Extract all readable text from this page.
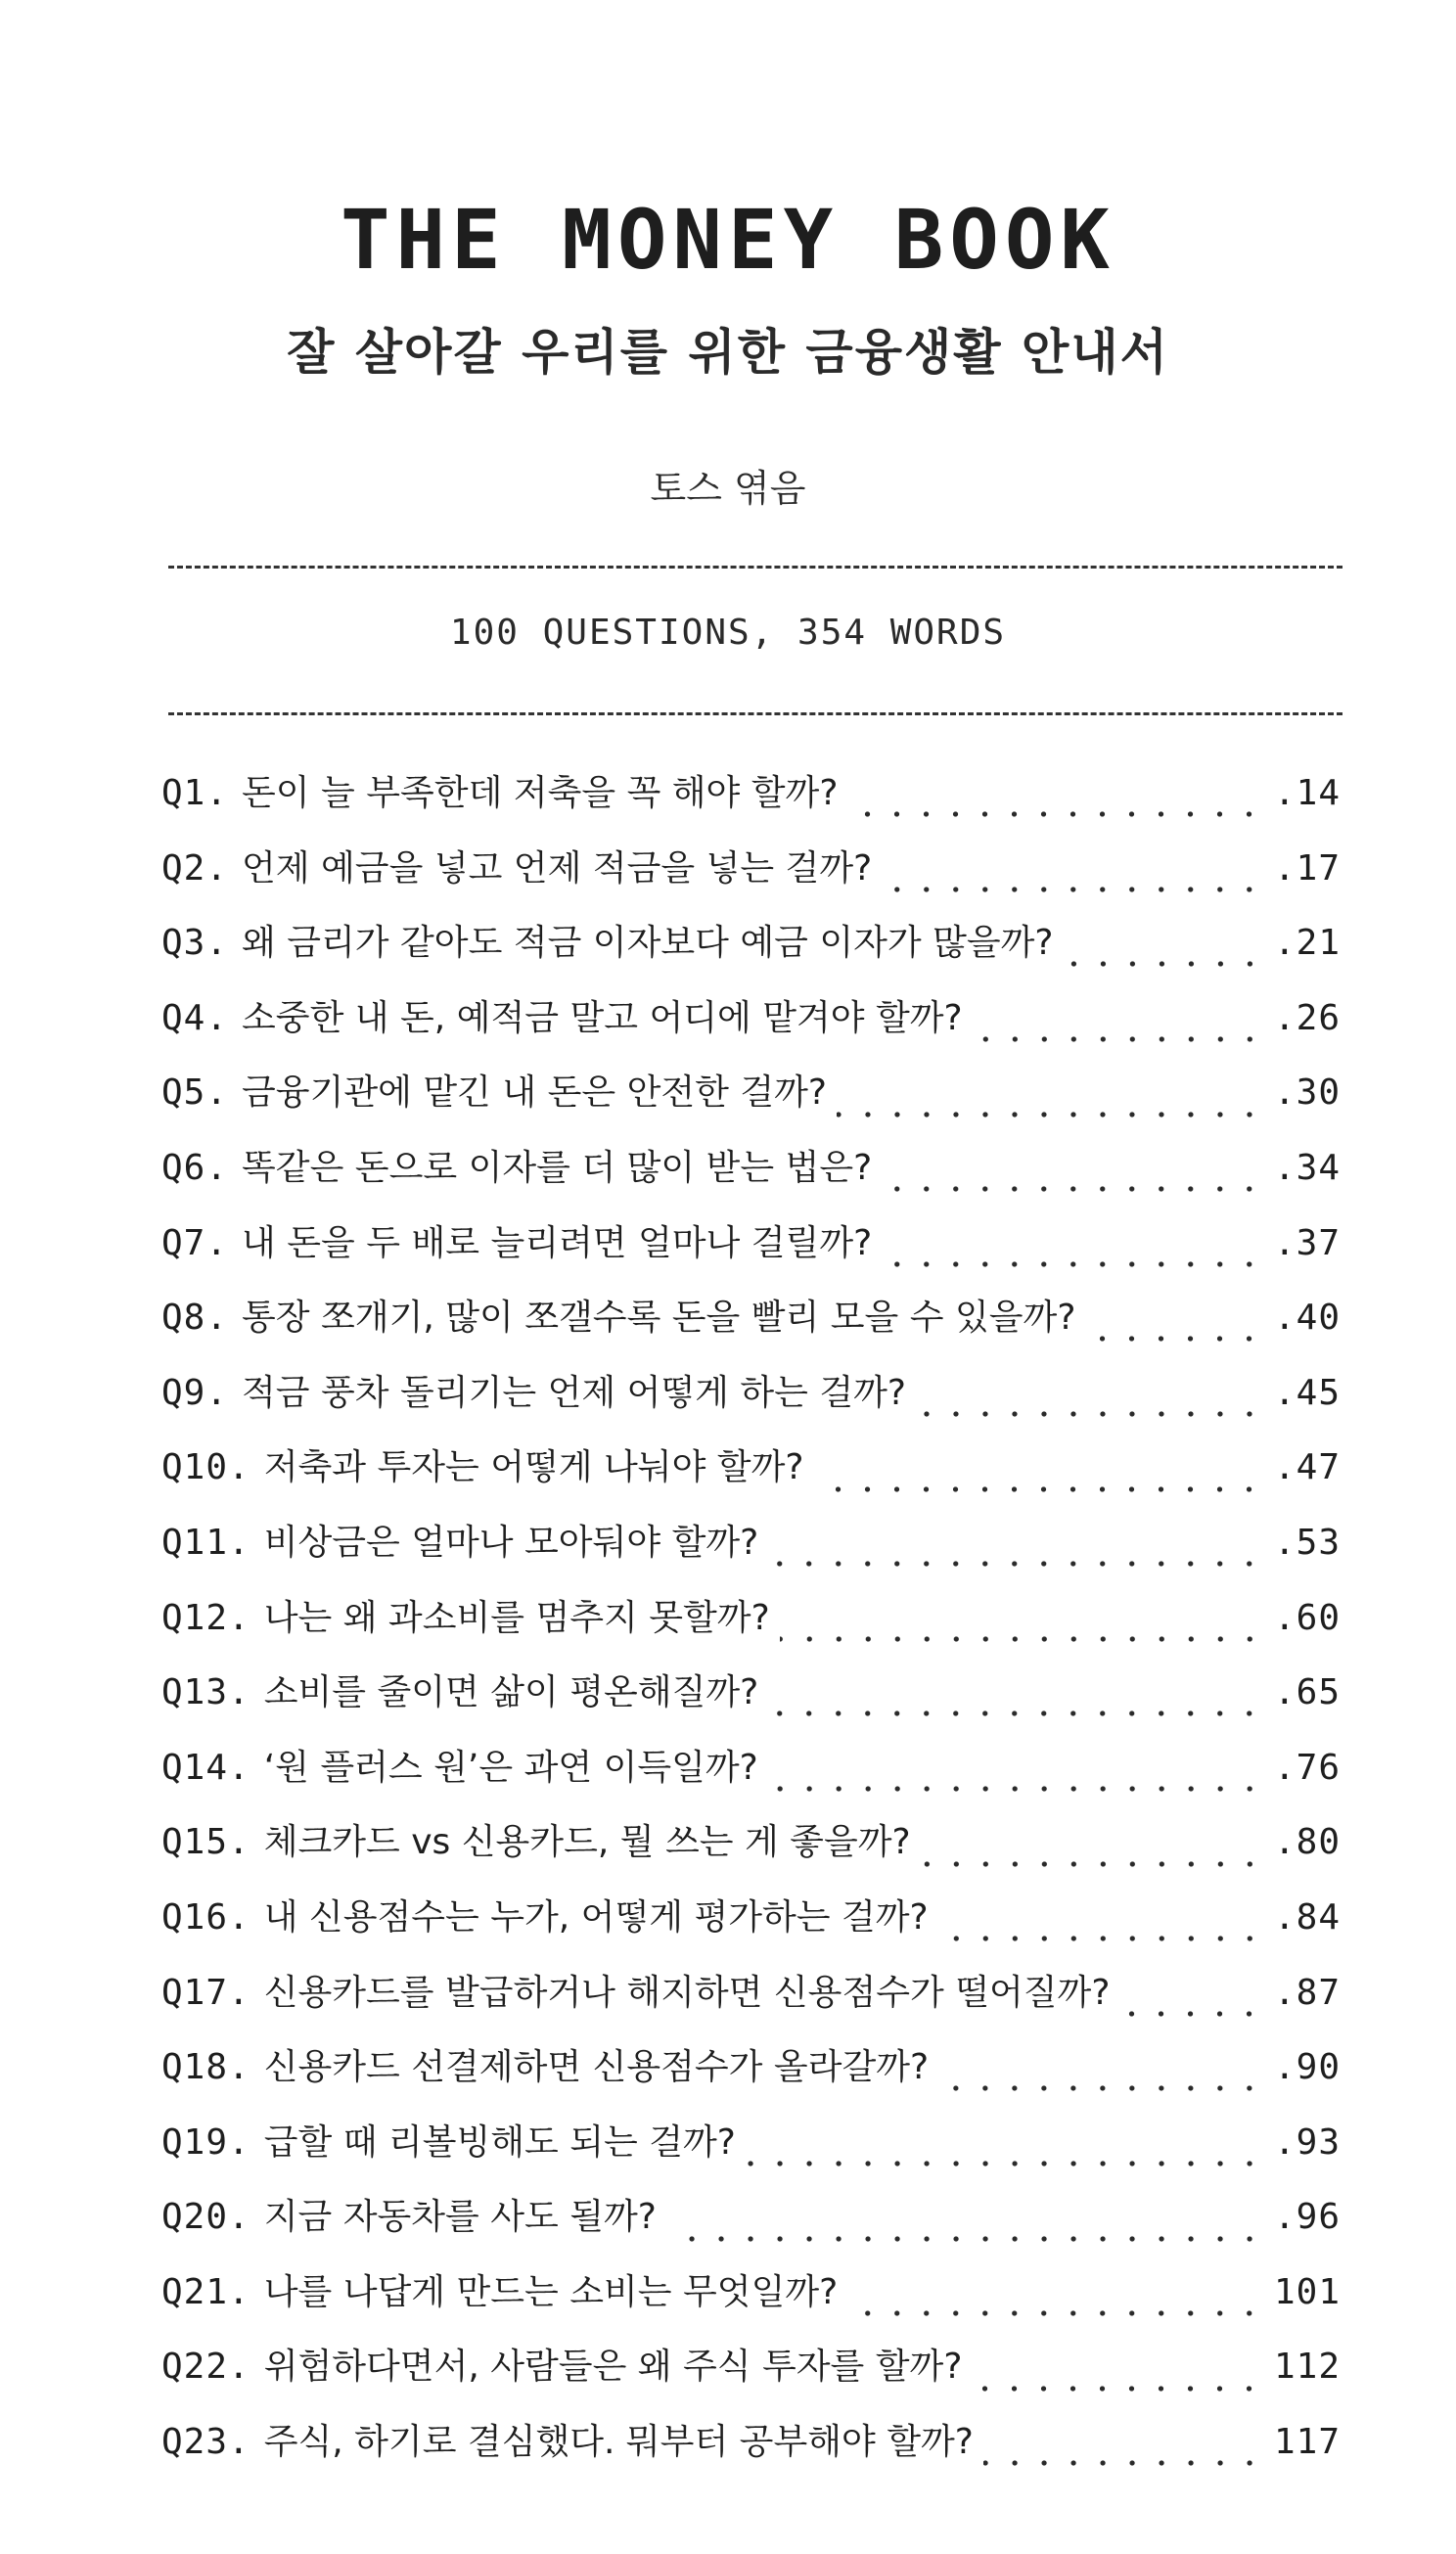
THE MONEY BOOK
잘 살아갈 우리를 위한 금융생활 안내서
토스 엮음
100 QUESTIONS, 354 WORDS
Q1. 돈이 늘 부족한데 저축을 꼭 해야 할까?	.14
Q2. 언제 예금을 넣고 언제 적금을 넣는 걸까?	.17
Q3. 왜 금리가 같아도 적금 이자보다 예금 이자가 많을까?	.21
Q4. 소중한 내 돈, 예적금 말고 어디에 맡겨야 할까?	.26
Q5. 금융기관에 맡긴 내 돈은 안전한 걸까?	.30
Q6. 똑같은 돈으로 이자를 더 많이 받는 법은?	.34
Q7. 내 돈을 두 배로 늘리려면 얼마나 걸릴까?	.37
Q8. 통장 쪼개기, 많이 쪼갤수록 돈을 빨리 모을 수 있을까?	.40
Q9. 적금 풍차 돌리기는 언제 어떻게 하는 걸까?	.45
Q10. 저축과 투자는 어떻게 나눠야 할까?	.47
Q11. 비상금은 얼마나 모아둬야 할까?	.53
Q12. 나는 왜 과소비를 멈추지 못할까?	.60
Q13. 소비를 줄이면 삶이 평온해질까?	.65
Q14. ‘원 플러스 원’은 과연 이득일까?	.76
Q15. 체크카드 vs 신용카드, 뭘 쓰는 게 좋을까?	.80
Q16. 내 신용점수는 누가, 어떻게 평가하는 걸까?	.84
Q17. 신용카드를 발급하거나 해지하면 신용점수가 떨어질까?	.87
Q18. 신용카드 선결제하면 신용점수가 올라갈까?	.90
Q19. 급할 때 리볼빙해도 되는 걸까?	.93
Q20. 지금 자동차를 사도 될까?	.96
Q21. 나를 나답게 만드는 소비는 무엇일까?	101
Q22. 위험하다면서, 사람들은 왜 주식 투자를 할까?	112
Q23. 주식, 하기로 결심했다. 뭐부터 공부해야 할까?	117
